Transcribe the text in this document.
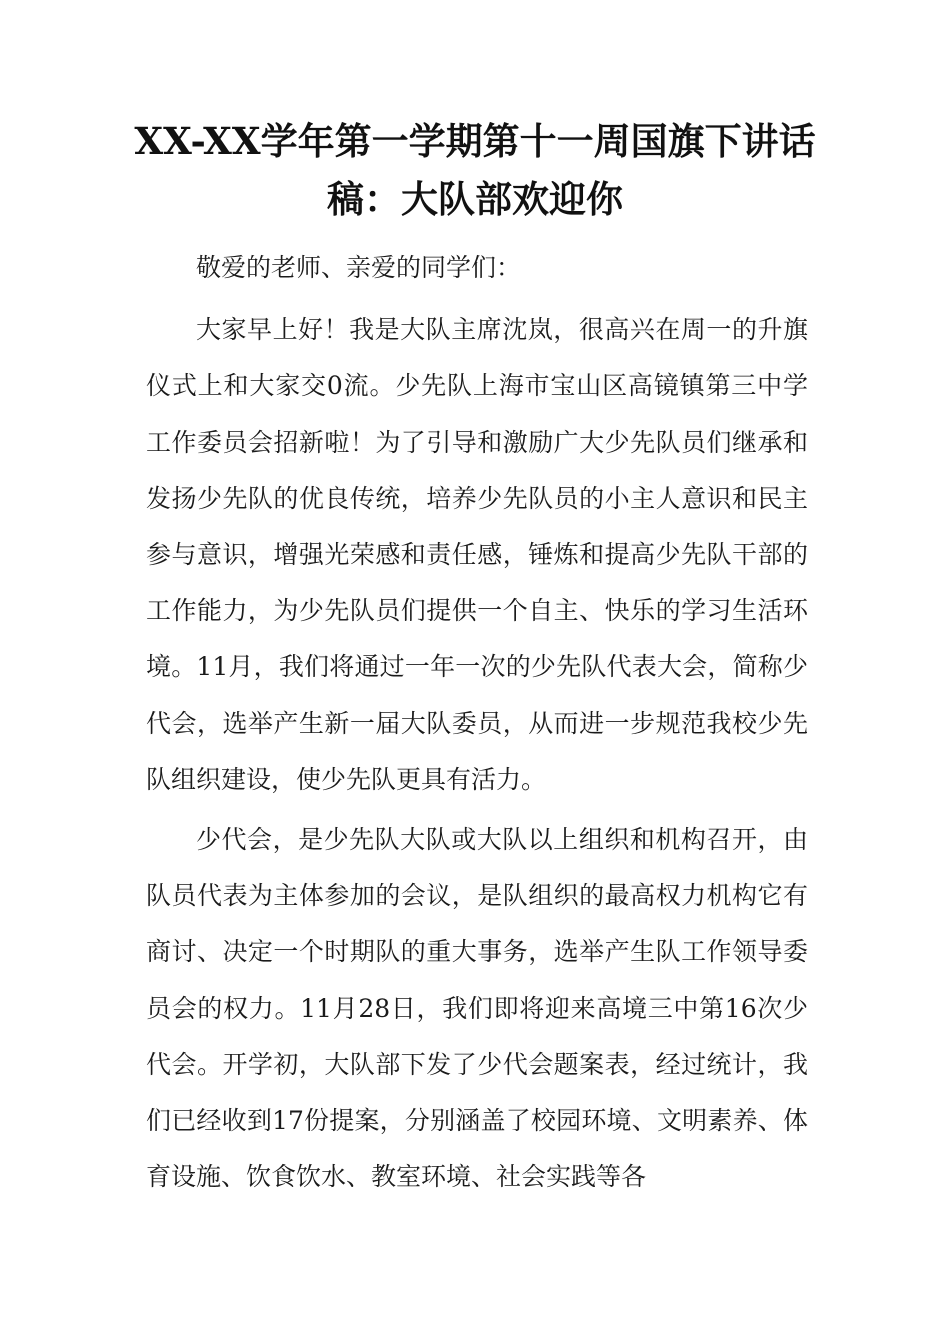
XX-XX学年第一学期第十一周国旗下讲话稿：大队部欢迎你

敬爱的老师、亲爱的同学们：

大家早上好！我是大队主席沈岚，很高兴在周一的升旗仪式上和大家交0流。少先队上海市宝山区高镜镇第三中学工作委员会招新啦！为了引导和激励广大少先队员们继承和发扬少先队的优良传统，培养少先队员的小主人意识和民主参与意识，增强光荣感和责任感，锤炼和提高少先队干部的工作能力，为少先队员们提供一个自主、快乐的学习生活环境。11月，我们将通过一年一次的少先队代表大会，简称少代会，选举产生新一届大队委员，从而进一步规范我校少先队组织建设，使少先队更具有活力。

少代会，是少先队大队或大队以上组织和机构召开，由队员代表为主体参加的会议，是队组织的最高权力机构它有商讨、决定一个时期队的重大事务，选举产生队工作领导委员会的权力。11月28日，我们即将迎来高境三中第16次少代会。开学初，大队部下发了少代会题案表，经过统计，我们已经收到17份提案，分别涵盖了校园环境、文明素养、体育设施、饮食饮水、教室环境、社会实践等各
